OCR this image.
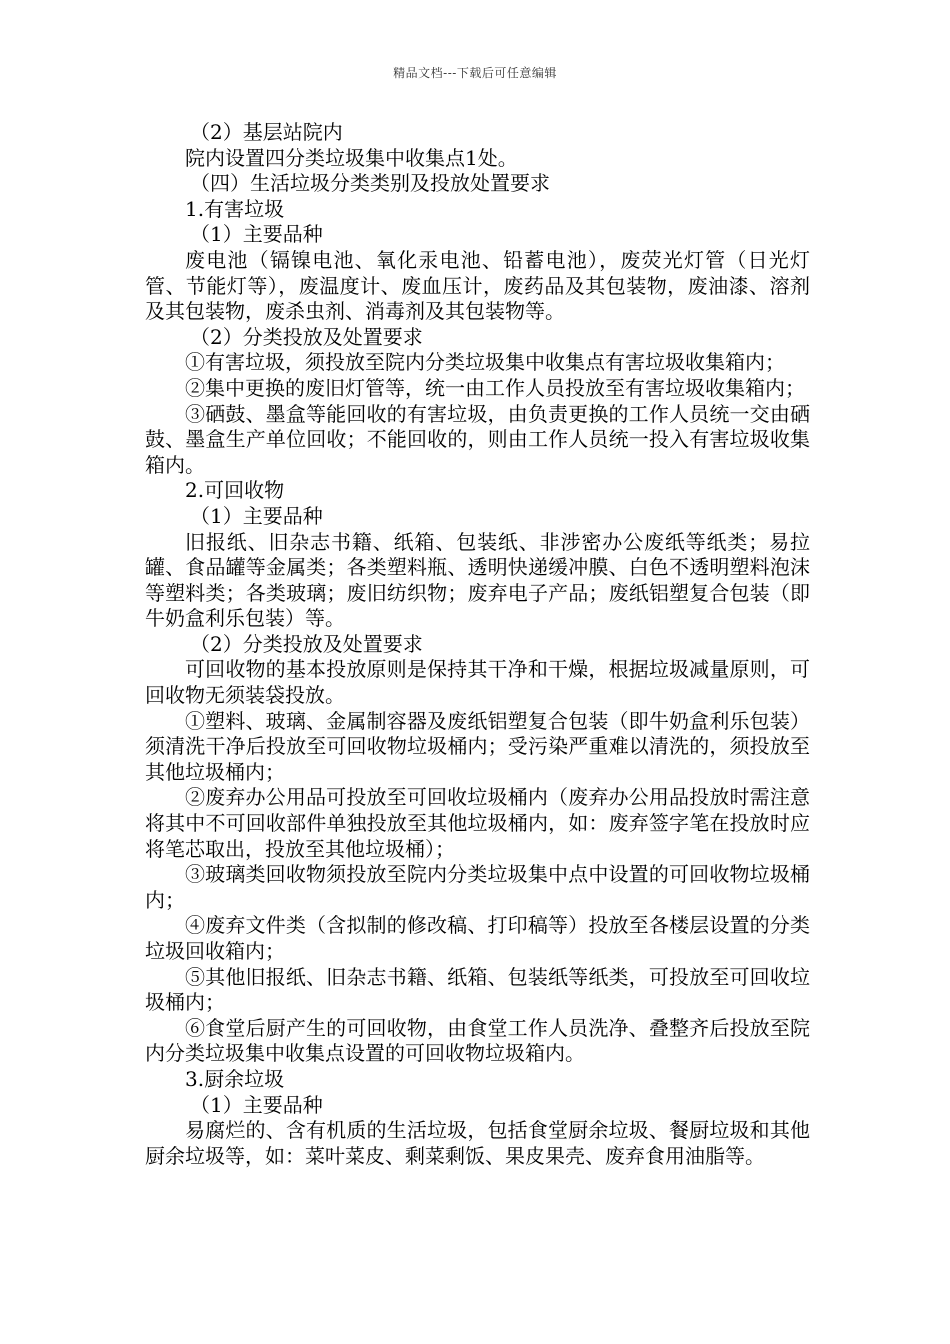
精品文档---下载后可任意编辑

（2）基层站院内

院内设置四分类垃圾集中收集点1处。

（四）生活垃圾分类类别及投放处置要求

1.有害垃圾

（1）主要品种

废电池（镉镍电池、氧化汞电池、铅蓄电池），废荧光灯管（日光灯管、节能灯等），废温度计、废血压计，废药品及其包装物，废油漆、溶剂及其包装物，废杀虫剂、消毒剂及其包装物等。

（2）分类投放及处置要求

①有害垃圾，须投放至院内分类垃圾集中收集点有害垃圾收集箱内；

②集中更换的废旧灯管等，统一由工作人员投放至有害垃圾收集箱内；

③硒鼓、墨盒等能回收的有害垃圾，由负责更换的工作人员统一交由硒鼓、墨盒生产单位回收；不能回收的，则由工作人员统一投入有害垃圾收集箱内。

2.可回收物

（1）主要品种

旧报纸、旧杂志书籍、纸箱、包装纸、非涉密办公废纸等纸类；易拉罐、食品罐等金属类；各类塑料瓶、透明快递缓冲膜、白色不透明塑料泡沫等塑料类；各类玻璃；废旧纺织物；废弃电子产品；废纸铝塑复合包装（即牛奶盒利乐包装）等。

（2）分类投放及处置要求

可回收物的基本投放原则是保持其干净和干燥，根据垃圾减量原则，可回收物无须装袋投放。

①塑料、玻璃、金属制容器及废纸铝塑复合包装（即牛奶盒利乐包装）须清洗干净后投放至可回收物垃圾桶内；受污染严重难以清洗的，须投放至其他垃圾桶内；

②废弃办公用品可投放至可回收垃圾桶内（废弃办公用品投放时需注意将其中不可回收部件单独投放至其他垃圾桶内，如：废弃签字笔在投放时应将笔芯取出，投放至其他垃圾桶）；

③玻璃类回收物须投放至院内分类垃圾集中点中设置的可回收物垃圾桶内；

④废弃文件类（含拟制的修改稿、打印稿等）投放至各楼层设置的分类垃圾回收箱内；

⑤其他旧报纸、旧杂志书籍、纸箱、包装纸等纸类，可投放至可回收垃圾桶内；

⑥食堂后厨产生的可回收物，由食堂工作人员洗净、叠整齐后投放至院内分类垃圾集中收集点设置的可回收物垃圾箱内。

3.厨余垃圾

（1）主要品种

易腐烂的、含有机质的生活垃圾，包括食堂厨余垃圾、餐厨垃圾和其他厨余垃圾等，如：菜叶菜皮、剩菜剩饭、果皮果壳、废弃食用油脂等。
